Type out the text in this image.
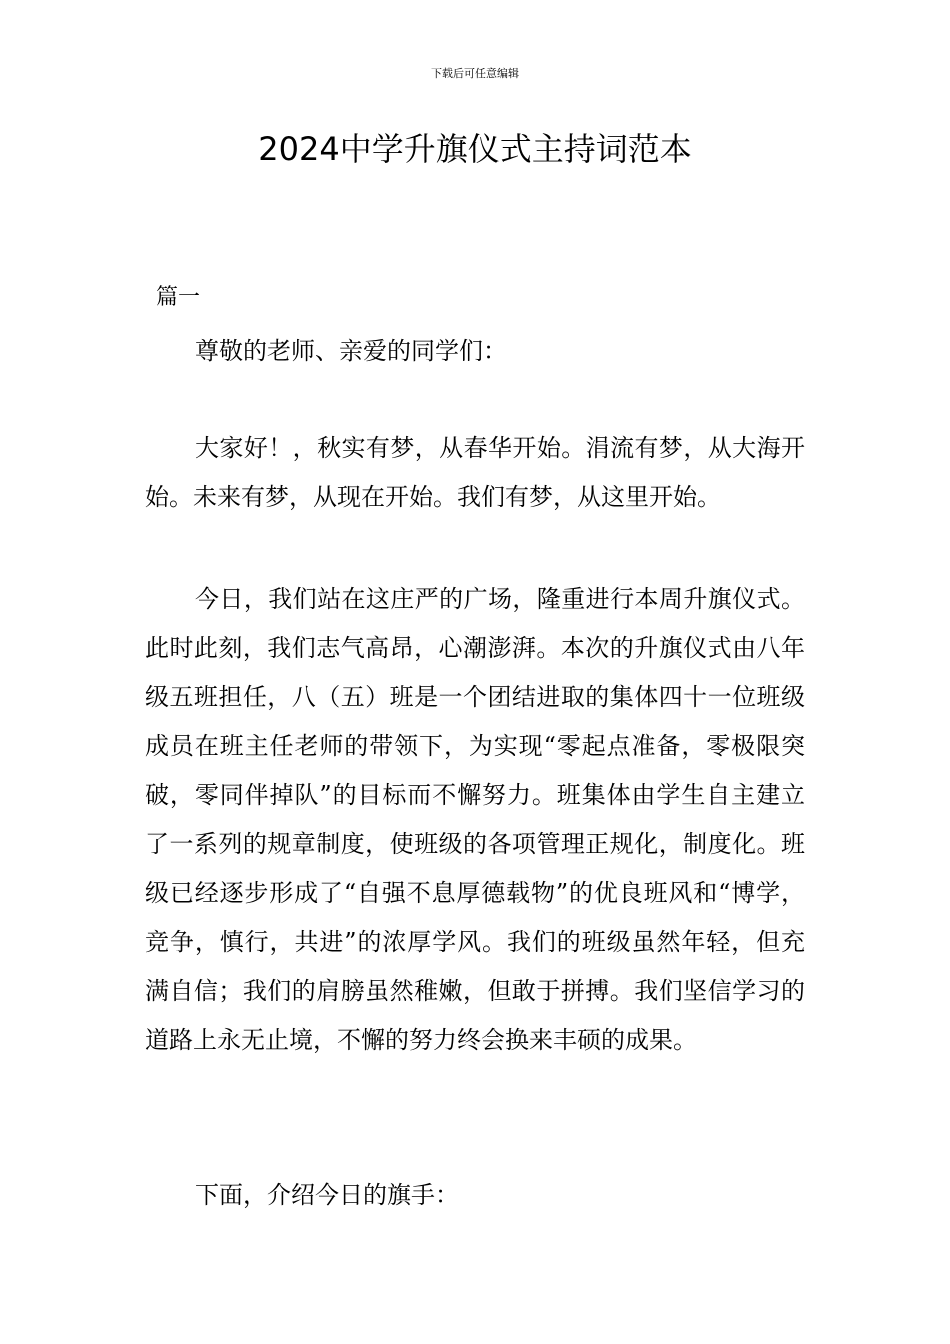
下载后可任意编辑
2024中学升旗仪式主持词范本
篇一

尊敬的老师、亲爱的同学们：

大家好！，秋实有梦，从春华开始。涓流有梦，从大海开始。未来有梦，从现在开始。我们有梦，从这里开始。

今日，我们站在这庄严的广场，隆重进行本周升旗仪式。此时此刻，我们志气高昂，心潮澎湃。本次的升旗仪式由八年级五班担任，八（五）班是一个团结进取的集体四十一位班级成员在班主任老师的带领下，为实现“零起点准备，零极限突破，零同伴掉队”的目标而不懈努力。班集体由学生自主建立了一系列的规章制度，使班级的各项管理正规化，制度化。班级已经逐步形成了“自强不息厚德载物”的优良班风和“博学，竞争，慎行，共进”的浓厚学风。我们的班级虽然年轻，但充满自信；我们的肩膀虽然稚嫩，但敢于拼搏。我们坚信学习的道路上永无止境，不懈的努力终会换来丰硕的成果。

下面，介绍今日的旗手：
